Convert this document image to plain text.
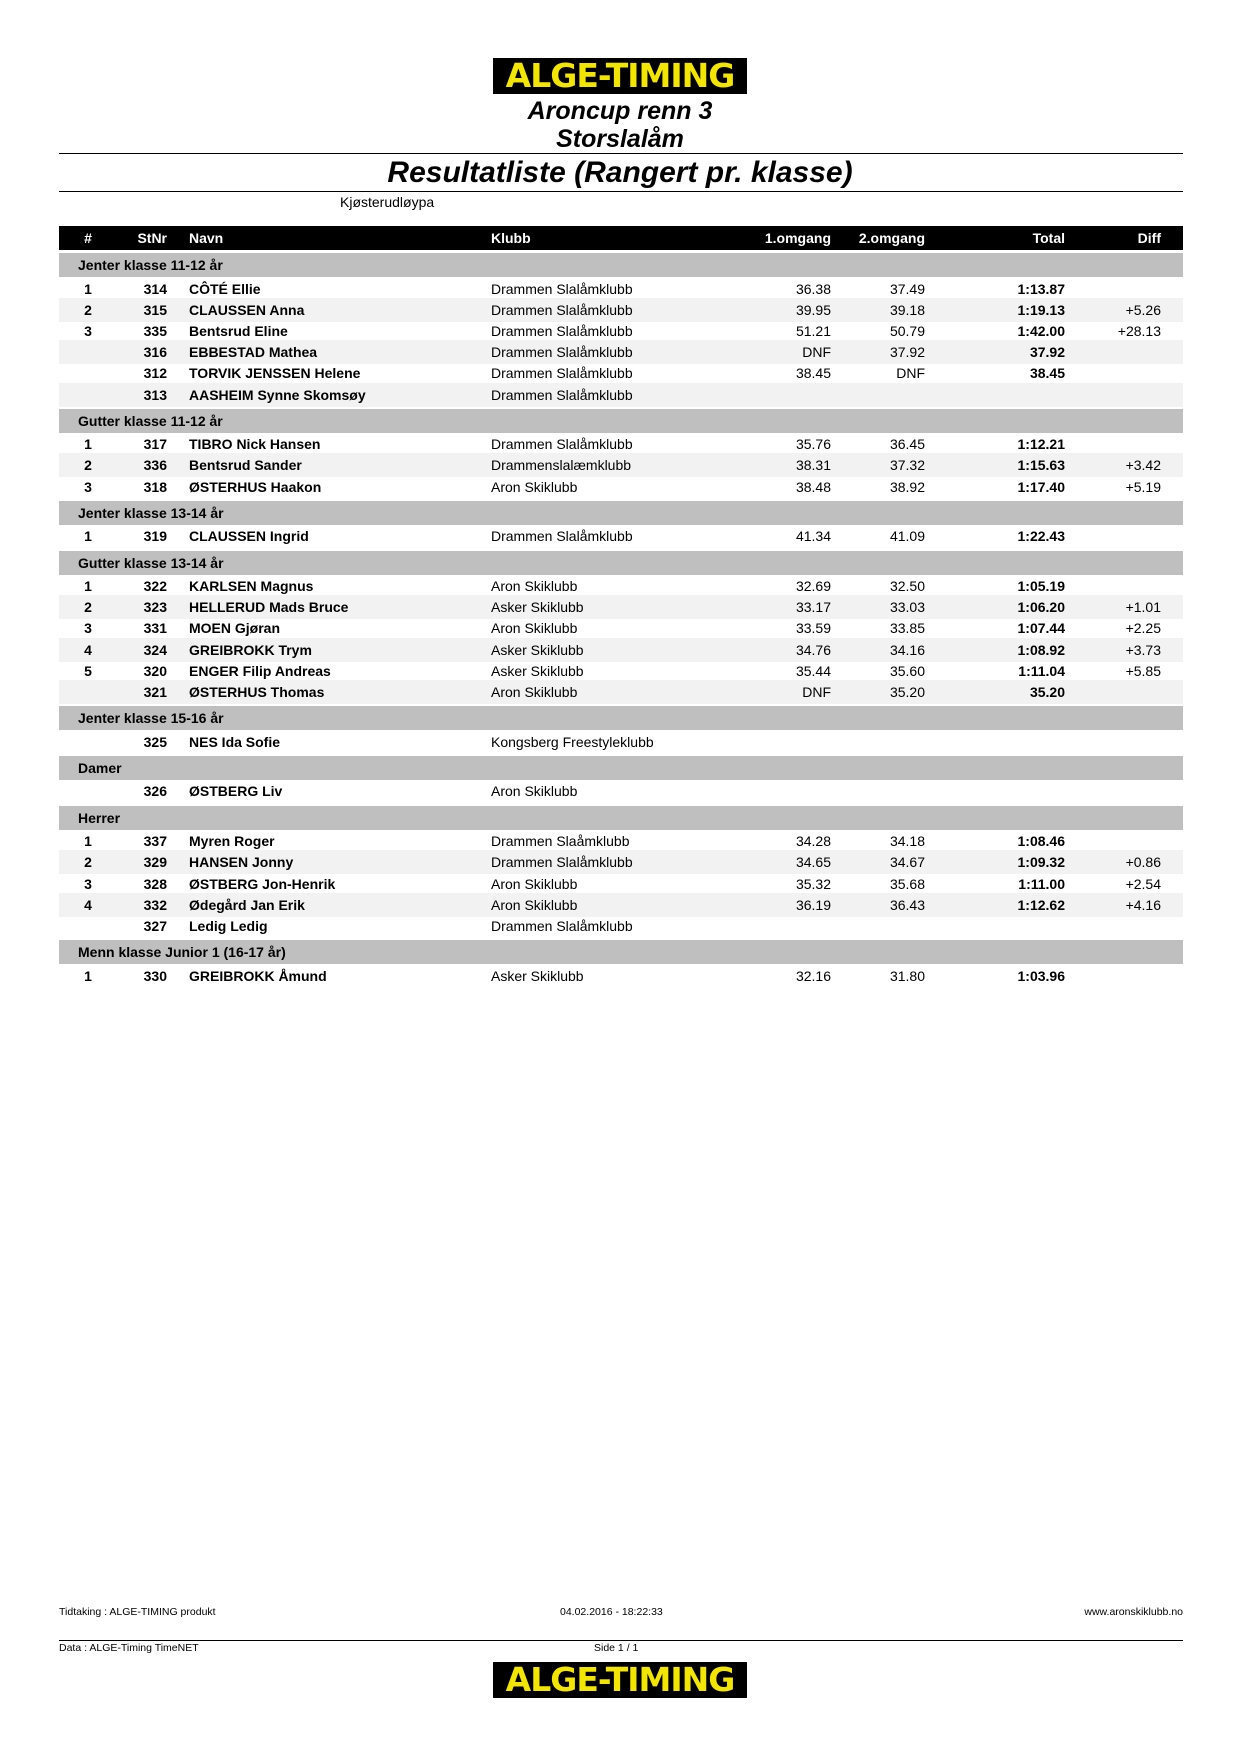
ALGE-TIMING
Aroncup renn 3
Storslalåm
Resultatliste (Rangert pr. klasse)
Kjøsterudløypa
#	StNr Navn	Klubb	1.omgang	2.omgang	Total	Diff
Jenter klasse 11-12 år
1	314 CÔTÉ Ellie	Drammen Slalåmklubb	36.38	37.49	1:13.87
2	315 CLAUSSEN Anna	Drammen Slalåmklubb	39.95	39.18	1:19.13	+5.26
3	335 Bentsrud Eline	Drammen Slalåmklubb	51.21	50.79	1:42.00	+28.13
316 EBBESTAD Mathea	Drammen Slalåmklubb	DNF	37.92	37.92
312 TORVIK JENSSEN Helene	Drammen Slalåmklubb	38.45	DNF	38.45
313 AASHEIM Synne Skomsøy	Drammen Slalåmklubb
Gutter klasse 11-12 år
1	317 TIBRO Nick Hansen	Drammen Slalåmklubb	35.76	36.45	1:12.21
2	336 Bentsrud Sander	Drammenslalæmklubb	38.31	37.32	1:15.63	+3.42
3	318 ØSTERHUS Haakon	Aron Skiklubb	38.48	38.92	1:17.40	+5.19
Jenter klasse 13-14 år
1	319 CLAUSSEN Ingrid	Drammen Slalåmklubb	41.34	41.09	1:22.43
Gutter klasse 13-14 år
1	322 KARLSEN Magnus	Aron Skiklubb	32.69	32.50	1:05.19
2	323 HELLERUD Mads Bruce	Asker Skiklubb	33.17	33.03	1:06.20	+1.01
3	331 MOEN Gjøran	Aron Skiklubb	33.59	33.85	1:07.44	+2.25
4	324 GREIBROKK Trym	Asker Skiklubb	34.76	34.16	1:08.92	+3.73
5	320 ENGER Filip Andreas	Asker Skiklubb	35.44	35.60	1:11.04	+5.85
321 ØSTERHUS Thomas	Aron Skiklubb	DNF	35.20	35.20
Jenter klasse 15-16 år
325 NES Ida Sofie	Kongsberg Freestyleklubb
Damer
326 ØSTBERG Liv	Aron Skiklubb
Herrer
1	337 Myren Roger	Drammen Slaåmklubb	34.28	34.18	1:08.46
2	329 HANSEN Jonny	Drammen Slalåmklubb	34.65	34.67	1:09.32	+0.86
3	328 ØSTBERG Jon-Henrik	Aron Skiklubb	35.32	35.68	1:11.00	+2.54
4	332 Ødegård Jan Erik	Aron Skiklubb	36.19	36.43	1:12.62	+4.16
327 Ledig Ledig	Drammen Slalåmklubb
Menn klasse Junior 1 (16-17 år)
1	330 GREIBROKK Åmund	Asker Skiklubb	32.16	31.80	1:03.96
Tidtaking : ALGE-TIMING produkt	04.02.2016 - 18:22:33	www.aronskiklubb.no
Data : ALGE-Timing TimeNET	Side 1 / 1
ALGE-TIMING
